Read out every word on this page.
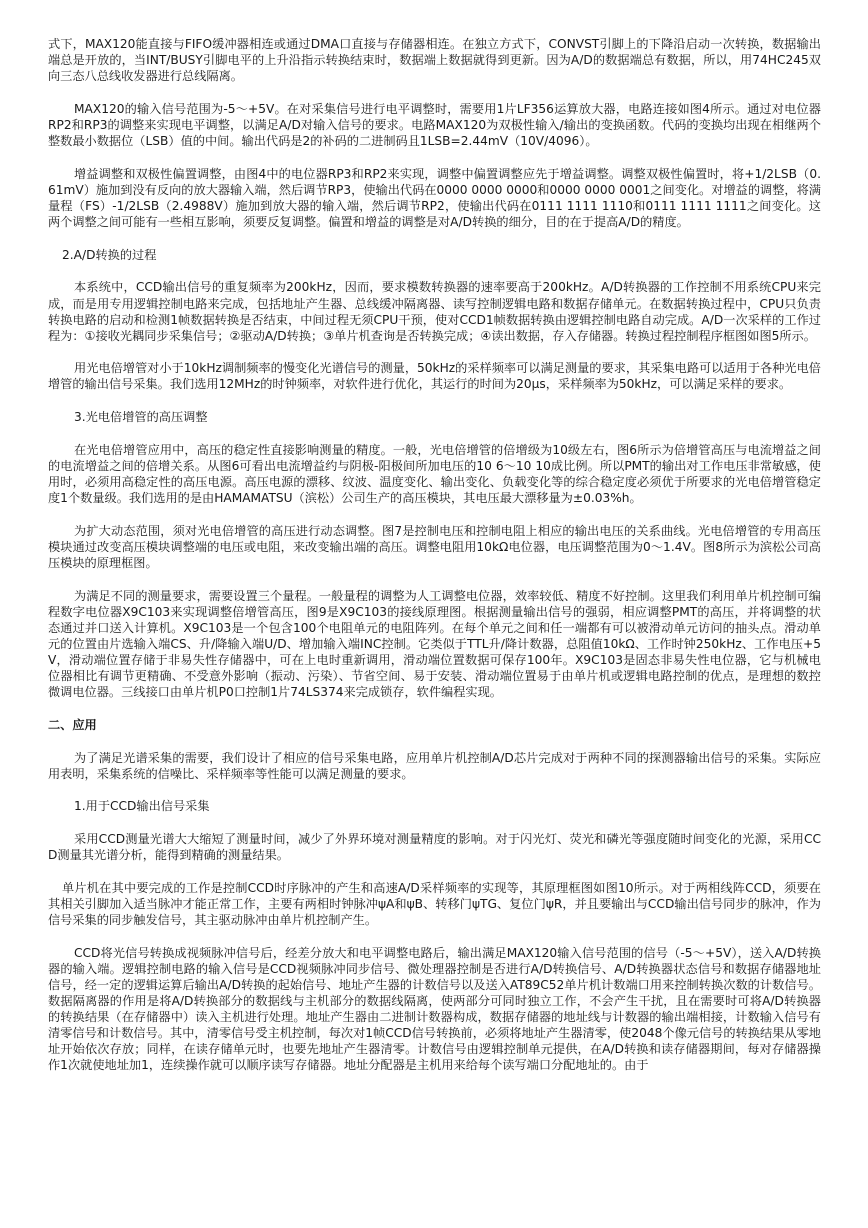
式下，MAX120能直接与FIFO缓冲器相连或通过DMA口直接与存储器相连。在独立方式下，CONVST引脚上的下降沿启动一次转换，数据输出端总是开放的，当INT/BUSY引脚电平的上升沿指示转换结束时，数据端上数据就得到更新。因为A/D的数据端总有数据，所以，用74HC245双向三态八总线收发器进行总线隔离。

MAX120的输入信号范围为-5～+5V。在对采集信号进行电平调整时，需要用1片LF356运算放大器，电路连接如图4所示。通过对电位器RP2和RP3的调整来实现电平调整，以满足A/D对输入信号的要求。电路MAX120为双极性输入/输出的变换函数。代码的变换均出现在相继两个整数最小数据位（LSB）值的中间。输出代码是2的补码的二进制码且1LSB=2.44mV（10V/4096）。

增益调整和双极性偏置调整，由图4中的电位器RP3和RP2来实现，调整中偏置调整应先于增益调整。调整双极性偏置时，将+1/2LSB（0.61mV）施加到没有反向的放大器输入端，然后调节RP3，使输出代码在0000 0000 0000和0000 0000 0001之间变化。对增益的调整，将满量程（FS）-1/2LSB（2.4988V）施加到放大器的输入端，然后调节RP2，使输出代码在0111 1111 1110和0111 1111 1111之间变化。这两个调整之间可能有一些相互影响，须要反复调整。偏置和增益的调整是对A/D转换的细分，目的在于提高A/D的精度。

2.A/D转换的过程

本系统中，CCD输出信号的重复频率为200kHz，因而，要求模数转换器的速率要高于200kHz。A/D转换器的工作控制不用系统CPU来完成，而是用专用逻辑控制电路来完成，包括地址产生器、总线缓冲隔离器、读写控制逻辑电路和数据存储单元。在数据转换过程中，CPU只负责转换电路的启动和检测1帧数据转换是否结束，中间过程无须CPU干预，使对CCD1帧数据转换由逻辑控制电路自动完成。A/D一次采样的工作过程为：①接收光耦同步采集信号；②驱动A/D转换；③单片机查询是否转换完成；④读出数据，存入存储器。转换过程控制程序框图如图5所示。

用光电倍增管对小于10kHz调制频率的慢变化光谱信号的测量，50kHz的采样频率可以满足测量的要求，其采集电路可以适用于各种光电倍增管的输出信号采集。我们选用12MHz的时钟频率，对软件进行优化，其运行的时间为20μs，采样频率为50kHz，可以满足采样的要求。

3.光电倍增管的高压调整

在光电倍增管应用中，高压的稳定性直接影响测量的精度。一般，光电倍增管的倍增级为10级左右，图6所示为倍增管高压与电流增益之间的电流增益之间的倍增关系。从图6可看出电流增益约与阴极-阳极间所加电压的10 6～10 10成比例。所以PMT的输出对工作电压非常敏感，使用时，必须用高稳定性的高压电源。高压电源的漂移、纹波、温度变化、输出变化、负载变化等的综合稳定度必须优于所要求的光电倍增管稳定度1个数量级。我们选用的是由HAMAMATSU（滨松）公司生产的高压模块，其电压最大漂移量为±0.03%h。

为扩大动态范围，须对光电倍增管的高压进行动态调整。图7是控制电压和控制电阻上相应的输出电压的关系曲线。光电倍增管的专用高压模块通过改变高压模块调整端的电压或电阻，来改变输出端的高压。调整电阻用10kΩ电位器，电压调整范围为0～1.4V。图8所示为滨松公司高压模块的原理框图。

为满足不同的测量要求，需要设置三个量程。一般量程的调整为人工调整电位器，效率较低、精度不好控制。这里我们利用单片机控制可编程数字电位器X9C103来实现调整倍增管高压，图9是X9C103的接线原理图。根据测量输出信号的强弱，相应调整PMT的高压，并将调整的状态通过并口送入计算机。X9C103是一个包含100个电阻单元的电阻阵列。在每个单元之间和任一端都有可以被滑动单元访问的抽头点。滑动单元的位置由片选输入端CS、升/降输入端U/D、增加输入端INC控制。它类似于TTL升/降计数器，总阻值10kΩ、工作时钟250kHz、工作电压+5V，滑动端位置存储于非易失性存储器中，可在上电时重新调用，滑动端位置数据可保存100年。X9C103是固态非易失性电位器，它与机械电位器相比有调节更精确、不受意外影响（振动、污染）、节省空间、易于安装、滑动端位置易于由单片机或逻辑电路控制的优点，是理想的数控微调电位器。三线接口由单片机P0口控制1片74LS374来完成锁存，软件编程实现。

二、应用

为了满足光谱采集的需要，我们设计了相应的信号采集电路，应用单片机控制A/D芯片完成对于两种不同的探测器输出信号的采集。实际应用表明，采集系统的信噪比、采样频率等性能可以满足测量的要求。

1.用于CCD输出信号采集

采用CCD测量光谱大大缩短了测量时间，减少了外界环境对测量精度的影响。对于闪光灯、荧光和磷光等强度随时间变化的光源，采用CCD测量其光谱分析，能得到精确的测量结果。

单片机在其中要完成的工作是控制CCD时序脉冲的产生和高速A/D采样频率的实现等，其原理框图如图10所示。对于两相线阵CCD，须要在其相关引脚加入适当脉冲才能正常工作，主要有两相时钟脉冲ψA和ψB、转移门ψTG、复位门ψR，并且要输出与CCD输出信号同步的脉冲，作为信号采集的同步触发信号，其主驱动脉冲由单片机控制产生。

CCD将光信号转换成视频脉冲信号后，经差分放大和电平调整电路后，输出满足MAX120输入信号范围的信号（-5～+5V），送入A/D转换器的输入端。逻辑控制电路的输入信号是CCD视频脉冲同步信号、微处理器控制是否进行A/D转换信号、A/D转换器状态信号和数据存储器地址信号，经一定的逻辑运算后输出A/D转换的起始信号、地址产生器的计数信号以及送入AT89C52单片机计数端口用来控制转换次数的计数信号。数据隔离器的作用是将A/D转换部分的数据线与主机部分的数据线隔离，使两部分可同时独立工作，不会产生干扰，且在需要时可将A/D转换器的转换结果（在存储器中）读入主机进行处理。地址产生器由二进制计数器构成，数据存储器的地址线与计数器的输出端相接，计数输入信号有清零信号和计数信号。其中，清零信号受主机控制，每次对1帧CCD信号转换前，必须将地址产生器清零，使2048个像元信号的转换结果从零地址开始依次存放；同样，在读存储单元时，也要先地址产生器清零。计数信号由逻辑控制单元提供，在A/D转换和读存储器期间，每对存储器操作1次就使地址加1，连续操作就可以顺序读写存储器。地址分配器是主机用来给每个读写端口分配地址的。由于
